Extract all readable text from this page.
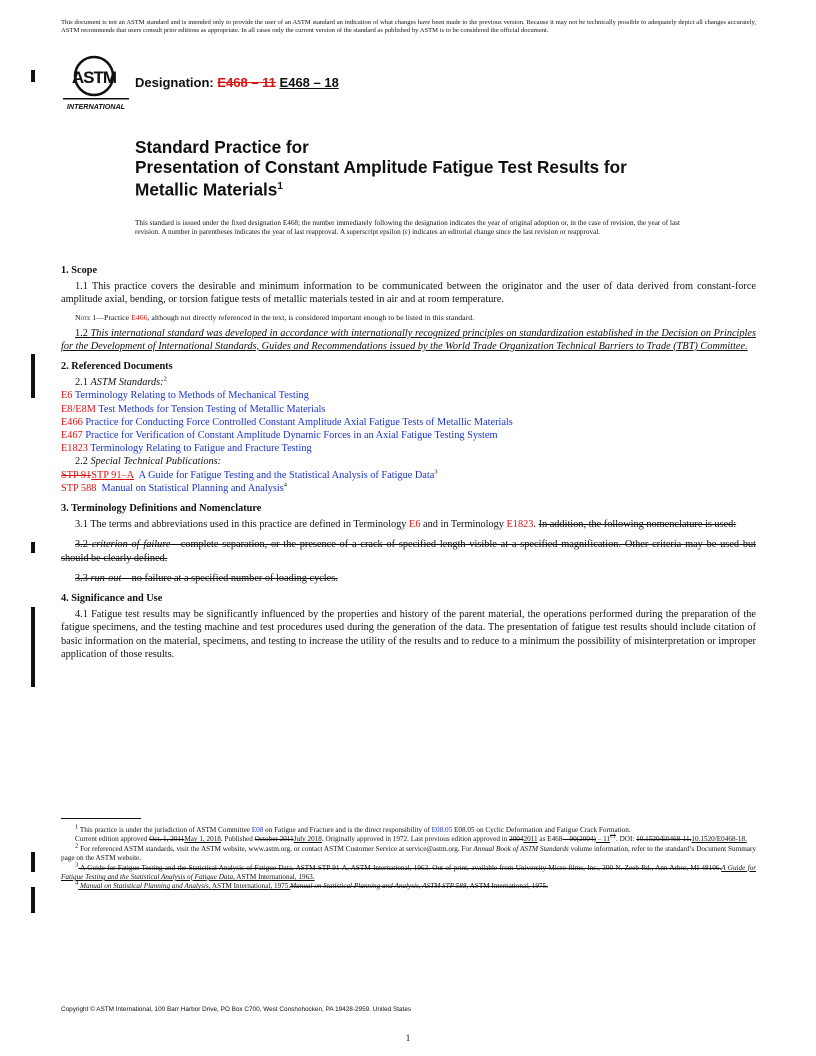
This document is not an ASTM standard and is intended only to provide the user of an ASTM standard an indication of what changes have been made to the previous version. Because it may not be technically possible to adequately depict all changes accurately, ASTM recommends that users consult prior editions as appropriate. In all cases only the current version of the standard as published by ASTM is to be considered the official document.
ASTM
INTERNATIONAL
Designation: E468 – 11 E468 – 18
Standard Practice for
Presentation of Constant Amplitude Fatigue Test Results for
Metallic Materials$^1$
This standard is issued under the fixed designation E468; the number immediately following the designation indicates the year of original adoption or, in the case of revision, the year of last revision. A number in parentheses indicates the year of last reapproval. A superscript epsilon (ε) indicates an editorial change since the last revision or reapproval.
1. Scope

1.1 This practice covers the desirable and minimum information to be communicated between the originator and the user of data derived from constant-force amplitude axial, bending, or torsion fatigue tests of metallic materials tested in air and at room temperature.

Note 1—Practice E466, although not directly referenced in the text, is considered important enough to be listed in this standard.

1.2 This international standard was developed in accordance with internationally recognized principles on standardization established in the Decision on Principles for the Development of International Standards, Guides and Recommendations issued by the World Trade Organization Technical Barriers to Trade (TBT) Committee.

2. Referenced Documents

2.1 ASTM Standards:$^2$

E6 Terminology Relating to Methods of Mechanical Testing
E8/E8M Test Methods for Tension Testing of Metallic Materials
E466 Practice for Conducting Force Controlled Constant Amplitude Axial Fatigue Tests of Metallic Materials
E467 Practice for Verification of Constant Amplitude Dynamic Forces in an Axial Fatigue Testing System
E1823 Terminology Relating to Fatigue and Fracture Testing

2.2 Special Technical Publications:

STP 91STP 91–A A Guide for Fatigue Testing and the Statistical Analysis of Fatigue Data$^3$
STP 588 Manual on Statistical Planning and Analysis$^4$
3. Terminology Definitions and Nomenclature

3.1 The terms and abbreviations used in this practice are defined in Terminology E6 and in Terminology E1823. In addition, the following nomenclature is used:

3.2 criterion of failure—complete separation, or the presence of a crack of specified length visible at a specified magnification. Other criteria may be used but should be clearly defined.

3.3 run-out—no failure at a specified number of loading cycles.

4. Significance and Use

4.1 Fatigue test results may be significantly influenced by the properties and history of the parent material, the operations performed during the preparation of the fatigue specimens, and the testing machine and test procedures used during the generation of the data. The presentation of fatigue test results should include citation of basic information on the material, specimens, and testing to increase the utility of the results and to reduce to a minimum the possibility of misinterpretation or improper application of those results.

1 This practice is under the jurisdiction of ASTM Committee E08 on Fatigue and Fracture and is the direct responsibility of E08.05 E08.05 on Cyclic Deformation and Fatigue Crack Formation.

Current edition approved Oct. 1, 2011May 1, 2018. Published October 2011July 2018. Originally approved in 1972. Last previous edition approved in 20042011 as E468 – 90(2004) – 11ε1. DOI: 10.1520/E0468-11.10.1520/E0468-18.

2 For referenced ASTM standards, visit the ASTM website, www.astm.org, or contact ASTM Customer Service at service@astm.org. For Annual Book of ASTM Standards volume information, refer to the standard’s Document Summary page on the ASTM website.

3 A Guide for Fatigue Testing and the Statistical Analysis of Fatigue Data, ASTM STP 91-A, ASTM International, 1963. Out of print, available from University Micro-films, Inc., 300 N. Zeeb Rd., Ann Arbor, MI 48106.A Guide for Fatigue Testing and the Statistical Analysis of Fatigue Data, ASTM International, 1963.

4 Manual on Statistical Planning and Analysis, ASTM International, 1975.Manual on Statistical Planning and Analysis, ASTM STP 588, ASTM International, 1975.

Copyright © ASTM International, 100 Barr Harbor Drive, PO Box C700, West Conshohocken, PA 19428-2959. United States
1
